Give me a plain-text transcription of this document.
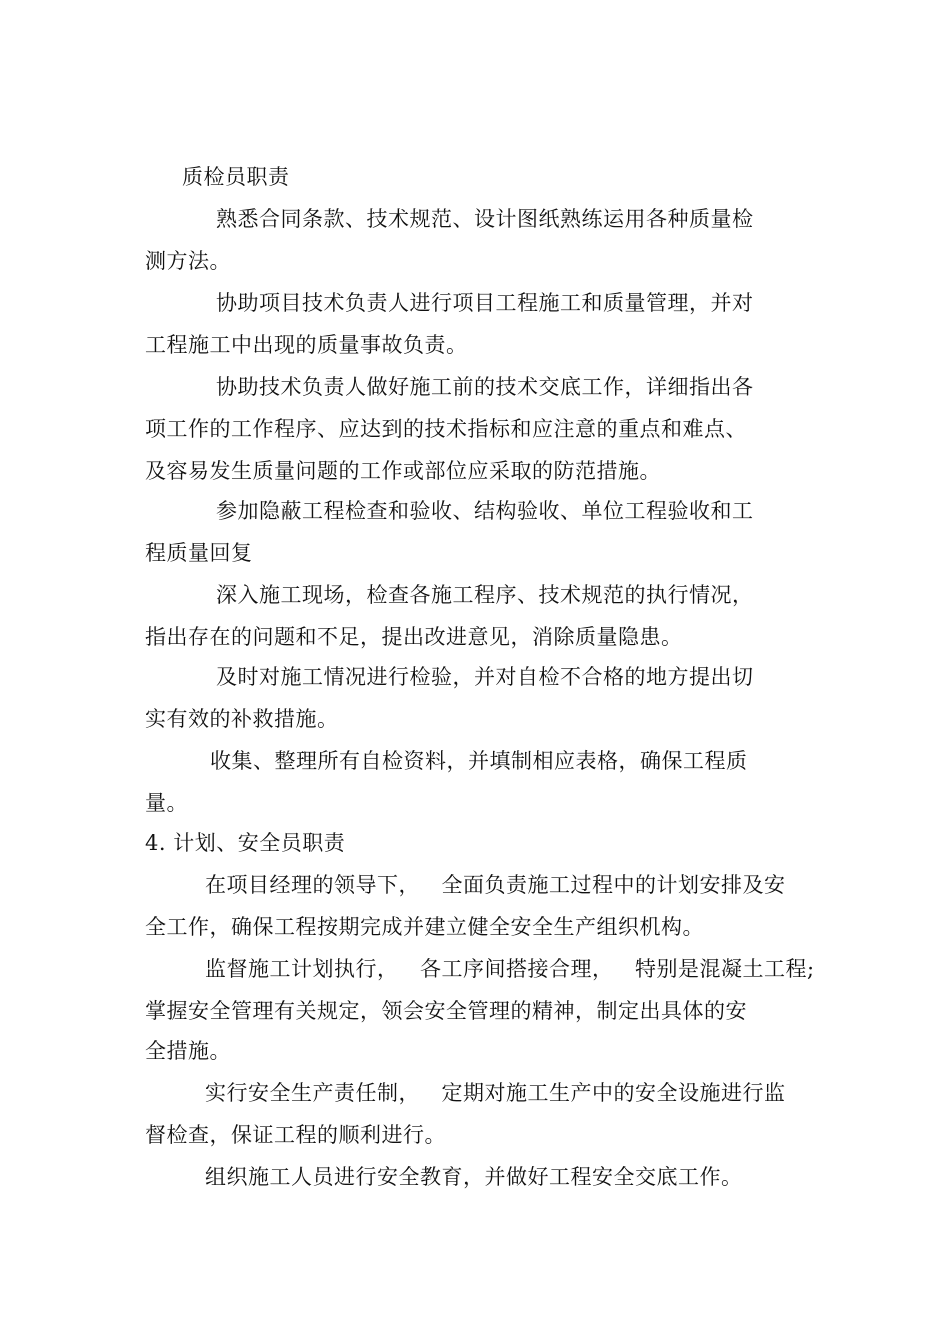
质检员职责
熟悉合同条款、技术规范、设计图纸熟练运用各种质量检
测方法。
协助项目技术负责人进行项目工程施工和质量管理，并对
工程施工中出现的质量事故负责。
协助技术负责人做好施工前的技术交底工作，详细指出各
项工作的工作程序、应达到的技术指标和应注意的重点和难点、
及容易发生质量问题的工作或部位应采取的防范措施。
参加隐蔽工程检查和验收、结构验收、单位工程验收和工
程质量回复
深入施工现场，检查各施工程序、技术规范的执行情况，
指出存在的问题和不足，提出改进意见，消除质量隐患。
及时对施工情况进行检验，并对自检不合格的地方提出切
实有效的补救措施。
收集、整理所有自检资料，并填制相应表格，确保工程质
量。
4. 计划、安全员职责
在项目经理的领导下，   全面负责施工过程中的计划安排及安
全工作，确保工程按期完成并建立健全安全生产组织机构。
监督施工计划执行，   各工序间搭接合理，   特别是混凝土工程;
掌握安全管理有关规定，领会安全管理的精神，制定出具体的安
全措施。
实行安全生产责任制，   定期对施工生产中的安全设施进行监
督检查，保证工程的顺利进行。
组织施工人员进行安全教育，并做好工程安全交底工作。
